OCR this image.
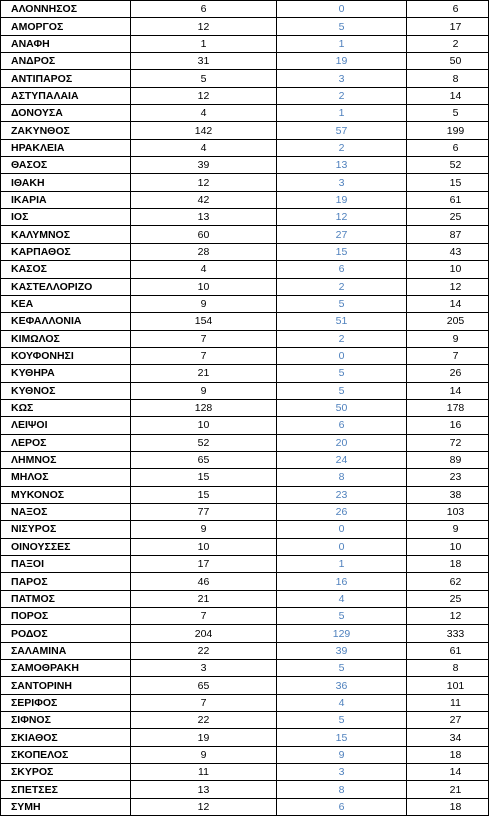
ΑΛΟΝΝΗΣΟΣ	6	0	6
ΑΜΟΡΓΟΣ	12	5	17
ΑΝΑΦΗ	1	1	2
ΑΝΔΡΟΣ	31	19	50
ΑΝΤΙΠΑΡΟΣ	5	3	8
ΑΣΤΥΠΑΛΑΙΑ	12	2	14
ΔΟΝΟΥΣΑ	4	1	5
ΖΑΚΥΝΘΟΣ	142	57	199
ΗΡΑΚΛΕΙΑ	4	2	6
ΘΑΣΟΣ	39	13	52
ΙΘΑΚΗ	12	3	15
ΙΚΑΡΙΑ	42	19	61
ΙΟΣ	13	12	25
ΚΑΛΥΜΝΟΣ	60	27	87
ΚΑΡΠΑΘΟΣ	28	15	43
ΚΑΣΟΣ	4	6	10
ΚΑΣΤΕΛΛΟΡΙΖΟ	10	2	12
ΚΕΑ	9	5	14
ΚΕΦΑΛΛΟΝΙΑ	154	51	205
ΚΙΜΩΛΟΣ	7	2	9
ΚΟΥΦΟΝΗΣΙ	7	0	7
ΚΥΘΗΡΑ	21	5	26
ΚΥΘΝΟΣ	9	5	14
ΚΩΣ	128	50	178
ΛΕΙΨΟΙ	10	6	16
ΛΕΡΟΣ	52	20	72
ΛΗΜΝΟΣ	65	24	89
ΜΗΛΟΣ	15	8	23
ΜΥΚΟΝΟΣ	15	23	38
ΝΑΞΟΣ	77	26	103
ΝΙΣΥΡΟΣ	9	0	9
ΟΙΝΟΥΣΣΕΣ	10	0	10
ΠΑΞΟΙ	17	1	18
ΠΑΡΟΣ	46	16	62
ΠΑΤΜΟΣ	21	4	25
ΠΟΡΟΣ	7	5	12
ΡΟΔΟΣ	204	129	333
ΣΑΛΑΜΙΝΑ	22	39	61
ΣΑΜΟΘΡΑΚΗ	3	5	8
ΣΑΝΤΟΡΙΝΗ	65	36	101
ΣΕΡΙΦΟΣ	7	4	11
ΣΙΦΝΟΣ	22	5	27
ΣΚΙΑΘΟΣ	19	15	34
ΣΚΟΠΕΛΟΣ	9	9	18
ΣΚΥΡΟΣ	11	3	14
ΣΠΕΤΣΕΣ	13	8	21
ΣΥΜΗ	12	6	18
